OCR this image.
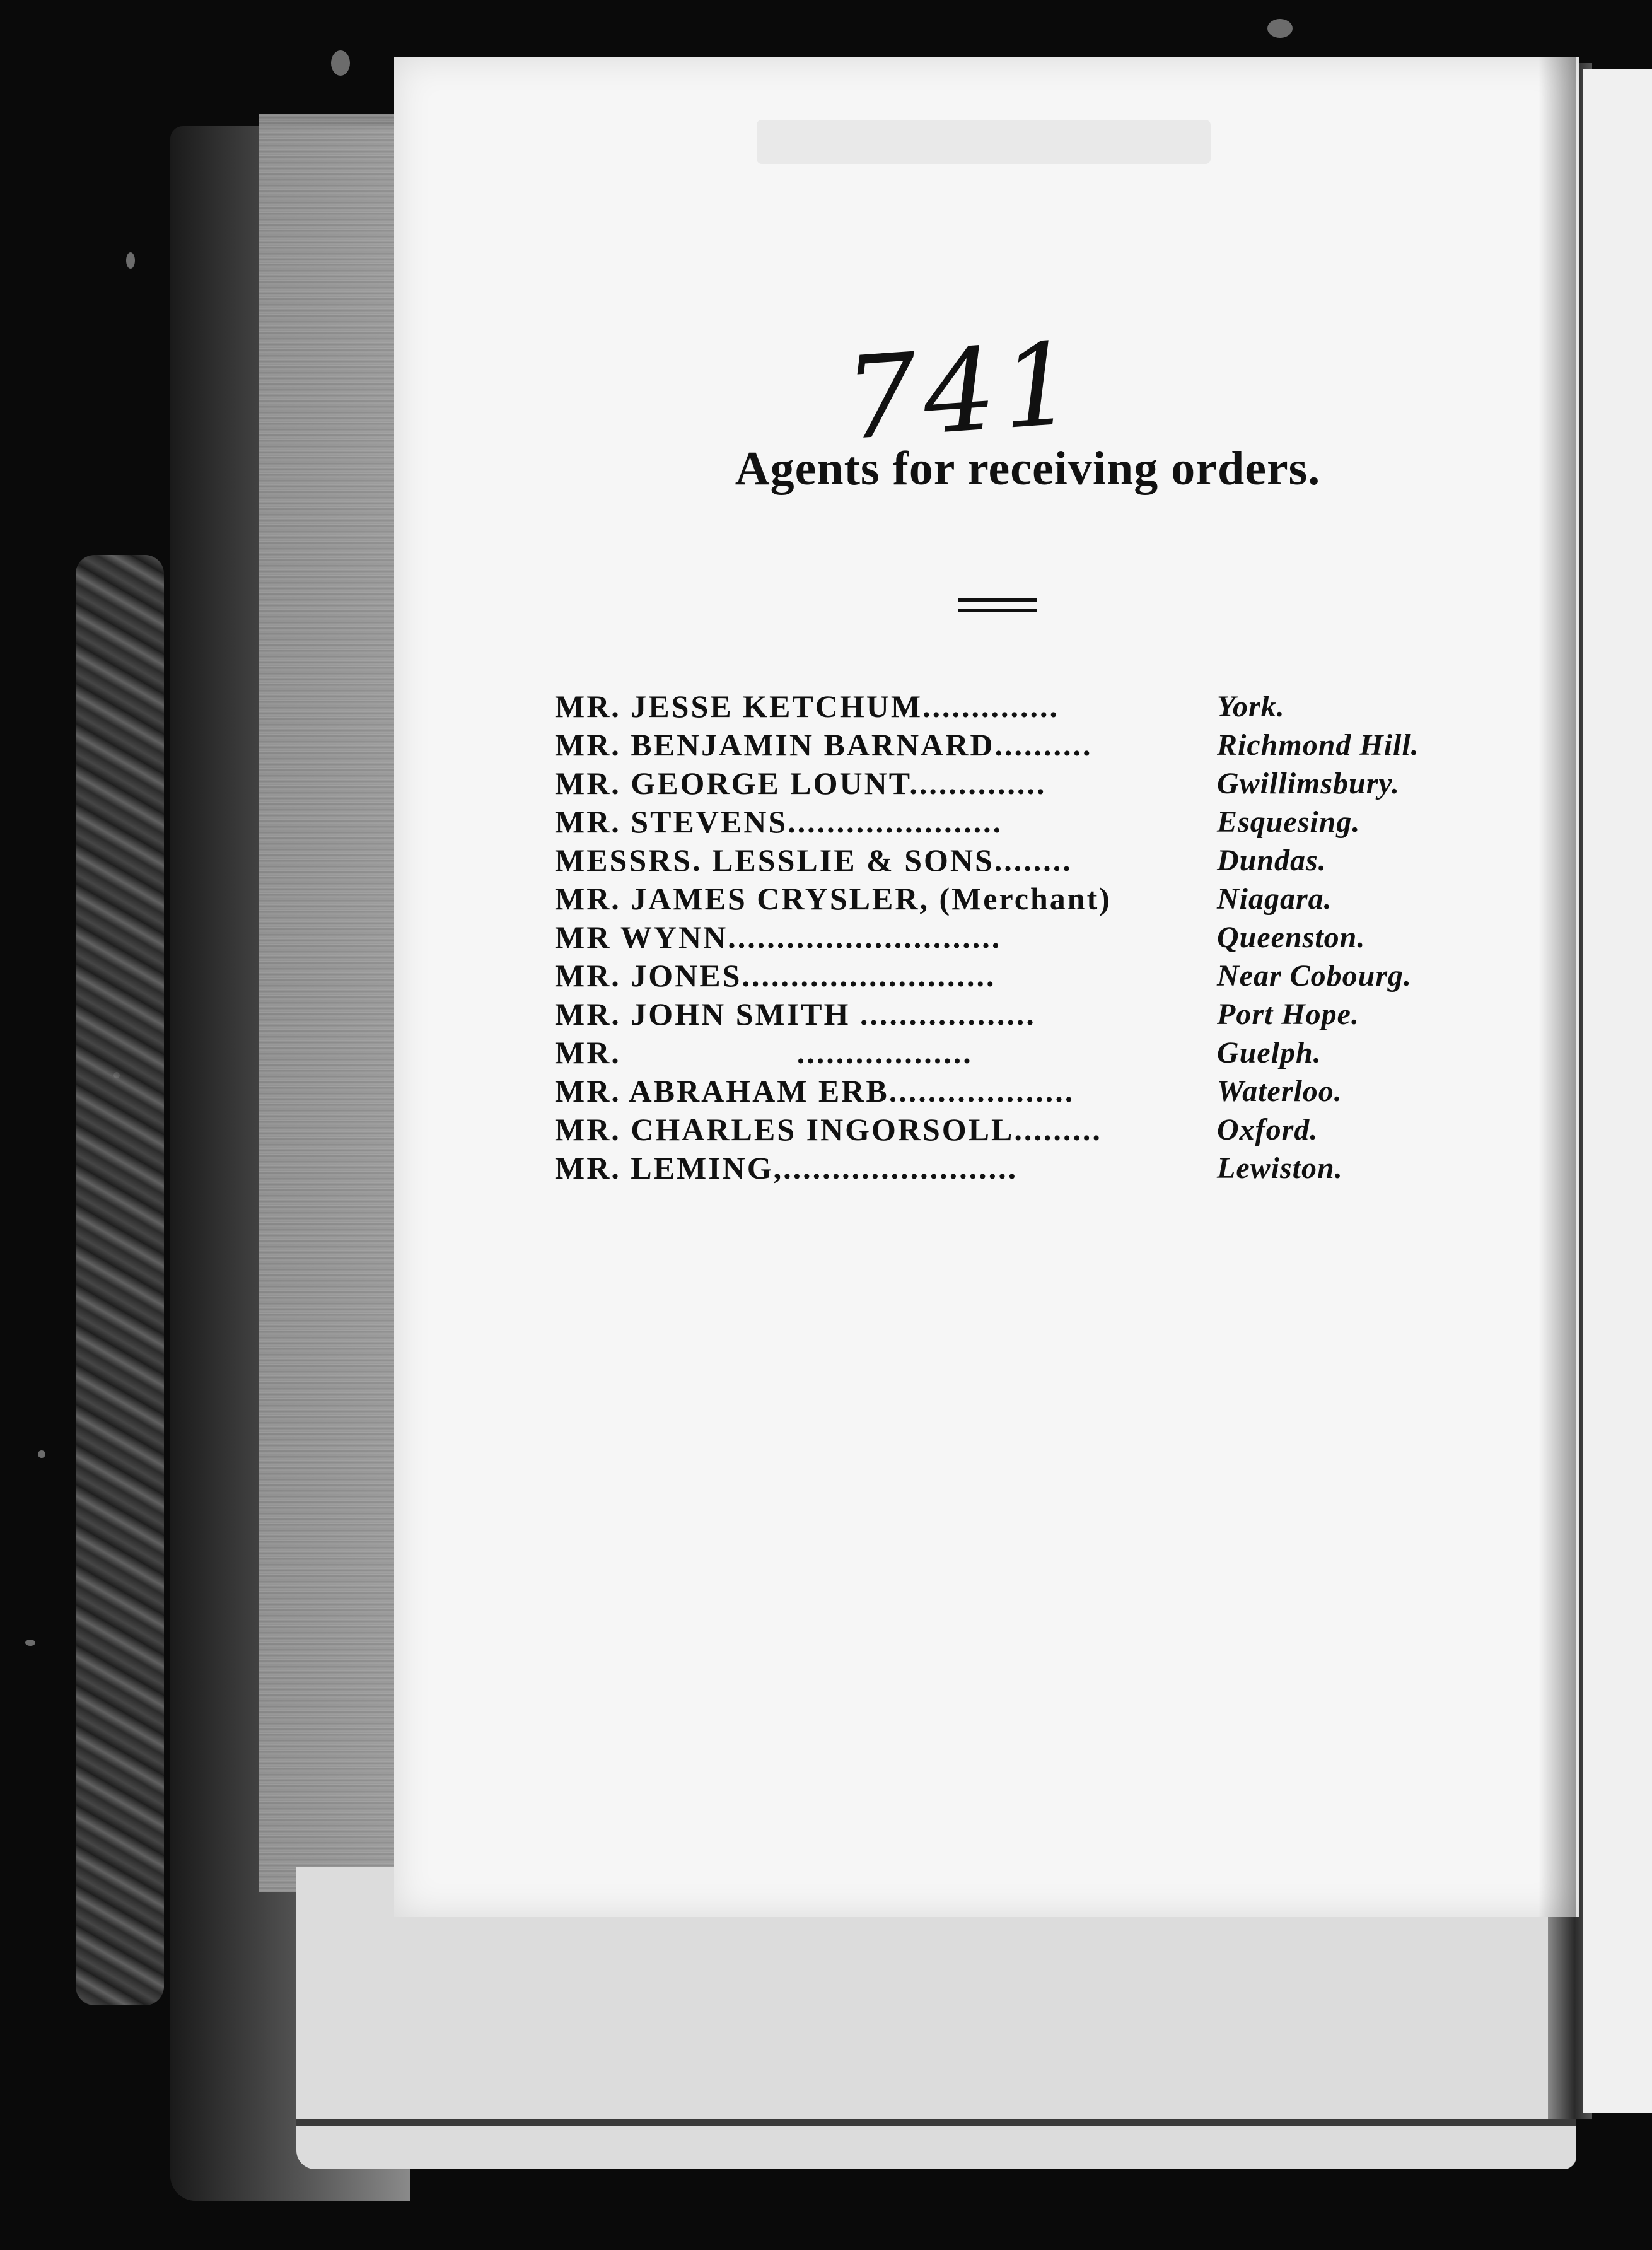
741
Agents for receiving orders.
MR. JESSE KETCHUM..............	York.
MR. BENJAMIN BARNARD..........	Richmond Hill.
MR. GEORGE LOUNT..............	Gwillimsbury.
MR. STEVENS......................	Esquesing.
MESSRS. LESSLIE & SONS........	Dundas.
MR. JAMES CRYSLER, (Merchant)	Niagara.
MR WYNN............................	Queenston.
MR. JONES..........................	Near Cobourg.
MR. JOHN SMITH ..................	Port Hope.
MR.                  ..................	Guelph.
MR. ABRAHAM ERB...................	Waterloo.
MR. CHARLES INGORSOLL.........	Oxford.
MR. LEMING,........................	Lewiston.
